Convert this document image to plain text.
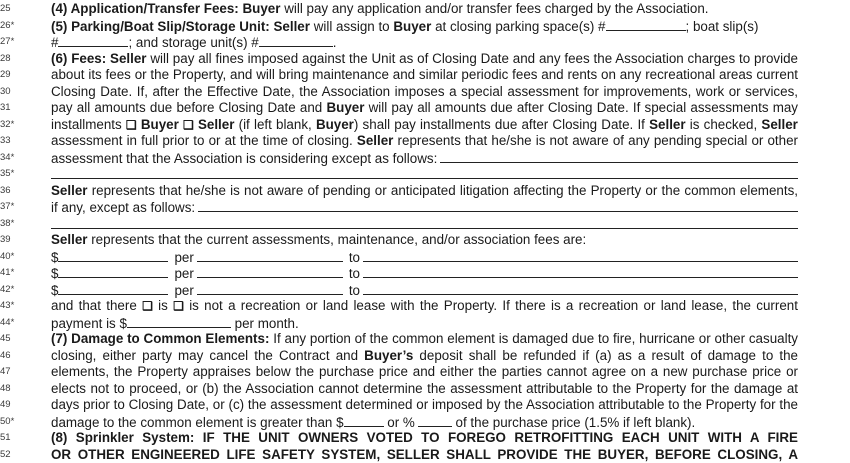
25
26*
27*
28
29
30
31
32*
33
34*
35*
36
37*
38*
39
40*
41*
42*
43*
44*
45
46
47
48
49
50*
51
52
(4) Application/Transfer Fees: Buyer will pay any application and/or transfer fees charged by the Association.
(5) Parking/Boat Slip/Storage Unit: Seller will assign to Buyer at closing parking space(s) #	; boat slip(s)
#	; and storage unit(s) #	.
(6) Fees: Seller will pay all fines imposed against the Unit as of Closing Date and any fees the Association charges to provide
about its fees or the Property, and will bring maintenance and similar periodic fees and rents on any recreational areas current
Closing Date. If, after the Effective Date, the Association imposes a special assessment for improvements, work or services,
pay all amounts due before Closing Date and Buyer will pay all amounts due after Closing Date. If special assessments may
installments ❏ Buyer ❏ Seller (if left blank, Buyer) shall pay installments due after Closing Date. If Seller is checked, Seller
assessment in full prior to or at the time of closing. Seller represents that he/she is not aware of any pending special or other
assessment that the Association is considering except as follows:
Seller represents that he/she is not aware of pending or anticipated litigation affecting the Property or the common elements,
if any, except as follows:
Seller represents that the current assessments, maintenance, and/or association fees are:
$	per	to
$	per	to
$	per	to
and that there ❏ is ❏ is not a recreation or land lease with the Property. If there is a recreation or land lease, the current
payment is $	per month.
(7) Damage to Common Elements: If any portion of the common element is damaged due to fire, hurricane or other casualty
closing, either party may cancel the Contract and Buyer’s deposit shall be refunded if (a) as a result of damage to the
elements, the Property appraises below the purchase price and either the parties cannot agree on a new purchase price or
elects not to proceed, or (b) the Association cannot determine the assessment attributable to the Property for the damage at
days prior to Closing Date, or (c) the assessment determined or imposed by the Association attributable to the Property for the
damage to the common element is greater than $	or %	of the purchase price (1.5% if left blank).
(8) Sprinkler System: IF THE UNIT OWNERS VOTED TO FOREGO RETROFITTING EACH UNIT WITH A FIRE
OR OTHER ENGINEERED LIFE SAFETY SYSTEM, SELLER SHALL PROVIDE THE BUYER, BEFORE CLOSING, A
